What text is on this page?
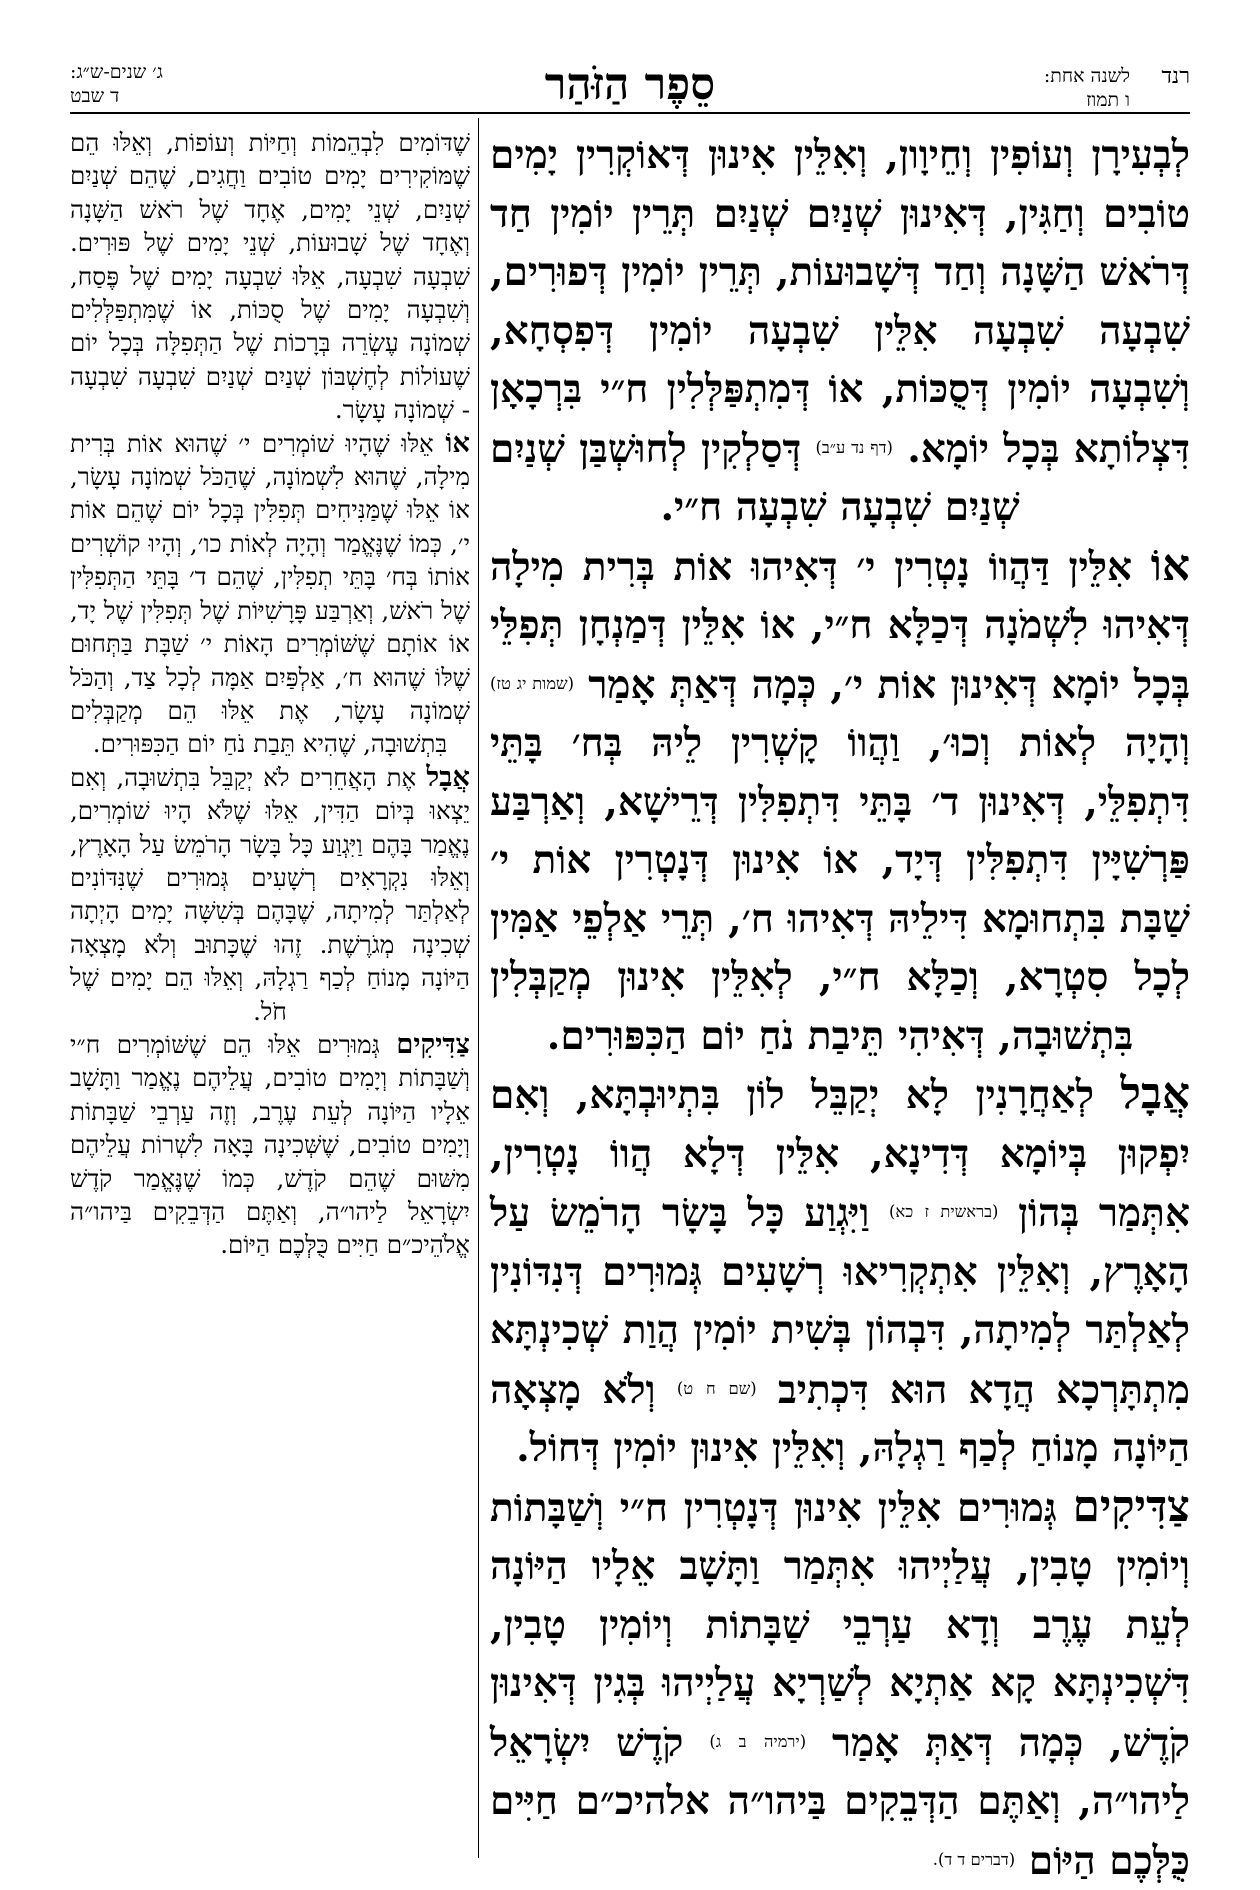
רנד
לשנה אחת:
ו תמוז
סֵפֶר הַזֹּהַר
ג׳ שנים-ש״ג:
ד שבט

לְבְעִירָן וְעוֹפִין וְחֵיוָון, וְאִלֵּין אִינוּן דְּאוֹקְרִין יָמִים טוֹבִים וְחַגִּין, דְּאִינוּן שְׁנַיִם שְׁנַיִם תְּרֵין יוֹמִין חַד דְּרֹאשׁ הַשָּׁנָה וְחַד דְּשָׁבוּעוֹת, תְּרֵין יוֹמִין דְּפוּרִים, שִׁבְעָה שִׁבְעָה אִלֵּין שִׁבְעָה יוֹמִין דְּפִסְחָא, וְשִׁבְעָה יוֹמִין דְּסֻכּוֹת, אוֹ דְּמִתְפַּלְּלִין ח״י בִּרְכָאָן דִּצְלוֹתָא בְּכָל יוֹמָא. $^{(דף נד ע״ב)}$ דְּסַלְקִין לְחוּשְׁבַּן שְׁנַיִם שְׁנַיִם שִׁבְעָה שִׁבְעָה ח״י.

אוֹ אִלֵּין דַּהֲווֹ נָטְרִין י׳ דְּאִיהוּ אוֹת בְּרִית מִילָה דְּאִיהוּ לִשְׁמֹנָה דְּכַלָּא ח״י, אוֹ אִלֵּין דְּמַנְחָן תְּפִלֵּי בְּכָל יוֹמָא דְּאִינוּן אוֹת י׳, כְּמָה דְּאַתְּ אָמַר $^{(שמות יג טז)}$ וְהָיָה לְאוֹת וְכוּ׳, וַהֲווֹ קָשְׁרִין לֵיהּ בְּח׳ בָּתֵּי דִּתְפִלֵּי, דְּאִינוּן ד׳ בָּתֵּי דִּתְפִלִּין דְּרֵישָׁא, וְאַרְבַּע פַּרְשִׁיָּין דִּתְפִלִּין דְּיָד, אוֹ אִינוּן דְּנָטְרִין אוֹת י׳ שַׁבָּת בִּתְחוּמָא דִּילֵיהּ דְּאִיהוּ ח׳, תְּרֵי אַלְפֵי אַמִּין לְכָל סִטְרָא, וְכַלָּא ח״י, לְאִלֵּין אִינוּן מְקַבְּלִין בִּתְשׁוּבָה, דְּאִיהִי תֵּיבַת נֹחַ יוֹם הַכִּפּוּרִים.

אֲבָל לְאַחֲרָנִין לָא יְקַבֵּל לוֹן בִּתְיוּבְתָּא, וְאִם יִפְקוּן בְּיוֹמָא דְּדִינָא, אִלֵּין דְּלָא הֲווֹ נָטְרִין, אִתְּמַר בְּהוֹן $^{(בראשית ז כא)}$ וַיִּגְוַע כָּל בָּשָׂר הָרֹמֵשׂ עַל הָאָרֶץ, וְאִלֵּין אִתְקְרִיאוּ רְשָׁעִים גְּמוּרִים דְּנִדּוֹנִין לְאַלְתַּר לְמִיתָה, דִּבְהוֹן בְּשִׁית יוֹמִין הֲוַת שְׁכִינְתָּא מִתְתָּרְכָא הֲדָא הוּא דִּכְתִיב $^{(שם ח ט)}$ וְלֹא מָצְאָה הַיּוֹנָה מָנוֹחַ לְכַף רַגְלָהּ, וְאִלֵּין אִינוּן יוֹמִין דְּחוֹל.

צַדִּיקִים גְּמוּרִים אִלֵּין אִינוּן דְּנָטְרִין ח״י וְשַׁבָּתוֹת וְיוֹמִין טָבִין, עֲלַיְיהוּ אִתְּמַר וַתָּשָׁב אֵלָיו הַיּוֹנָה לְעֵת עֶרֶב וְדָא עַרְבֵי שַׁבָּתוֹת וְיוֹמִין טָבִין, דִּשְׁכִינְתָּא קָא אַתְיָא לְשַׁרְיָא עֲלַיְיהוּ בְּגִין דְּאִינוּן קֹדֶשׁ, כְּמָה דְּאַתְּ אָמַר $^{(ירמיה ב ג)}$ קֹדֶשׁ יִשְׂרָאֵל לַיהו״ה, וְאַתֶּם הַדְּבֵקִים בַּיהו״ה אלהיכ״ם חַיִּים כֻּלְּכֶם הַיּוֹם $^{(דברים ד ד).}$

שֶׁדּוֹמִים לִבְהֵמוֹת וְחַיּוֹת וְעוֹפוֹת, וְאֵלּוּ הֵם שֶׁמּוֹקִירִים יָמִים טוֹבִים וַחֲגִים, שֶׁהֵם שְׁנַיִם שְׁנַיִם, שְׁנֵי יָמִים, אֶחָד שֶׁל רֹאשׁ הַשָּׁנָה וְאֶחָד שֶׁל שָׁבוּעוֹת, שְׁנֵי יָמִים שֶׁל פּוּרִים. שִׁבְעָה שִׁבְעָה, אֵלּוּ שִׁבְעָה יָמִים שֶׁל פֶּסַח, וְשִׁבְעָה יָמִים שֶׁל סֻכּוֹת, אוֹ שֶׁמִּתְפַּלְּלִים שְׁמוֹנָה עֶשְׂרֵה בְּרָכוֹת שֶׁל הַתְּפִלָּה בְּכָל יוֹם שֶׁעוֹלוֹת לְחֶשְׁבּוֹן שְׁנַיִם שְׁנַיִם שִׁבְעָה שִׁבְעָה - שְׁמוֹנָה עָשָׂר.

אוֹ אֵלּוּ שֶׁהָיוּ שׁוֹמְרִים י׳ שֶׁהוּא אוֹת בְּרִית מִילָה, שֶׁהוּא לִשְׁמוֹנָה, שֶׁהַכֹּל שְׁמוֹנָה עָשָׂר, אוֹ אֵלּוּ שֶׁמַּנִּיחִים תְּפִלִּין בְּכָל יוֹם שֶׁהֵם אוֹת י׳, כְּמוֹ שֶׁנֶּאֱמַר וְהָיָה לְאוֹת כו׳, וְהָיוּ קוֹשְׁרִים אוֹתוֹ בְּח׳ בָּתֵּי תְפִלִּין, שֶׁהֵם ד׳ בָּתֵּי הַתְּפִלִּין שֶׁל רֹאשׁ, וְאַרְבַּע פָּרָשִׁיּוֹת שֶׁל תְּפִלִּין שֶׁל יָד, אוֹ אוֹתָם שֶׁשּׁוֹמְרִים הָאוֹת י׳ שַׁבָּת בַּתְּחוּם שֶׁלּוֹ שֶׁהוּא ח׳, אַלְפַּיִם אַמָּה לְכָל צַד, וְהַכֹּל שְׁמוֹנָה עָשָׂר, אֶת אֵלּוּ הֵם מְקַבְּלִים בִּתְשׁוּבָה, שֶׁהִיא תֵּבַת נֹחַ יוֹם הַכִּפּוּרִים.

אֲבָל אֶת הָאֲחֵרִים לֹא יְקַבֵּל בִּתְשׁוּבָה, וְאִם יֵצְאוּ בְּיוֹם הַדִּין, אֵלּוּ שֶׁלֹּא הָיוּ שׁוֹמְרִים, נֶאֱמַר בָּהֶם וַיִּגְוַע כָּל בָּשָׂר הָרֹמֵשׂ עַל הָאָרֶץ, וְאֵלּוּ נִקְרָאִים רְשָׁעִים גְּמוּרִים שֶׁנִּדּוֹנִים לְאַלְתַּר לְמִיתָה, שֶׁבָּהֶם בְּשִׁשָּׁה יָמִים הָיְתָה שְׁכִינָה מְגֹרֶשֶׁת. זֶהוּ שֶׁכָּתוּב וְלֹא מָצְאָה הַיּוֹנָה מָנוֹחַ לְכַף רַגְלָהּ, וְאֵלּוּ הֵם יָמִים שֶׁל חֹל.

צַדִּיקִים גְּמוּרִים אֵלּוּ הֵם שֶׁשּׁוֹמְרִים ח״י וְשַׁבָּתוֹת וְיָמִים טוֹבִים, עֲלֵיהֶם נֶאֱמַר וַתָּשָׁב אֵלָיו הַיּוֹנָה לְעֵת עֶרֶב, וְזֶה עַרְבֵי שַׁבָּתוֹת וְיָמִים טוֹבִים, שֶׁשְּׁכִינָה בָּאָה לִשְׁרוֹת עֲלֵיהֶם מִשּׁוּם שֶׁהֵם קֹדֶשׁ, כְּמוֹ שֶׁנֶּאֱמַר קֹדֶשׁ יִשְׂרָאֵל לַיהו״ה, וְאַתֶּם הַדְּבֵקִים בַּיהו״ה אֱלֹהֵיכ״ם חַיִּים כֻּלְּכֶם הַיּוֹם.
